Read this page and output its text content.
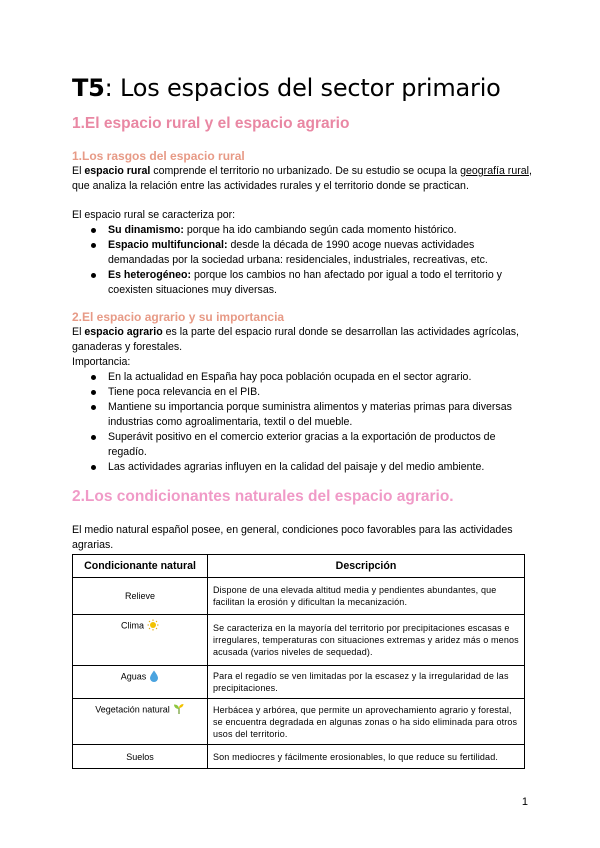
T5: Los espacios del sector primario
1.El espacio rural y el espacio agrario
1.Los rasgos del espacio rural

El espacio rural comprende el territorio no urbanizado. De su estudio se ocupa la geografía rural, que analiza la relación entre las actividades rurales y el territorio donde se practican.

El espacio rural se caracteriza por:

Su dinamismo: porque ha ido cambiando según cada momento histórico.
Espacio multifuncional: desde la década de 1990 acoge nuevas actividades demandadas por la sociedad urbana: residenciales, industriales, recreativas, etc.
Es heterogéneo: porque los cambios no han afectado por igual a todo el territorio y coexisten situaciones muy diversas.
2.El espacio agrario y su importancia

El espacio agrario es la parte del espacio rural donde se desarrollan las actividades agrícolas, ganaderas y forestales.

Importancia:

En la actualidad en España hay poca población ocupada en el sector agrario.
Tiene poca relevancia en el PIB.
Mantiene su importancia porque suministra alimentos y materias primas para diversas industrias como agroalimentaria, textil o del mueble.
Superávit positivo en el comercio exterior gracias a la exportación de productos de regadío.
Las actividades agrarias influyen en la calidad del paisaje y del medio ambiente.
2.Los condicionantes naturales del espacio agrario.

El medio natural español posee, en general, condiciones poco favorables para las actividades agrarias.

Condicionante natural	Descripción
Relieve	Dispone de una elevada altitud media y pendientes abundantes, que facilitan la erosión y dificultan la mecanización.
Clima	Se caracteriza en la mayoría del territorio por precipitaciones escasas e irregulares, temperaturas con situaciones extremas y aridez más o menos acusada (varios niveles de sequedad).
Aguas	Para el regadío se ven limitadas por la escasez y la irregularidad de las precipitaciones.
Vegetación natural	Herbácea y arbórea, que permite un aprovechamiento agrario y forestal, se encuentra degradada en algunas zonas o ha sido eliminada para otros usos del territorio.
Suelos	Son mediocres y fácilmente erosionables, lo que reduce su fertilidad.
1
